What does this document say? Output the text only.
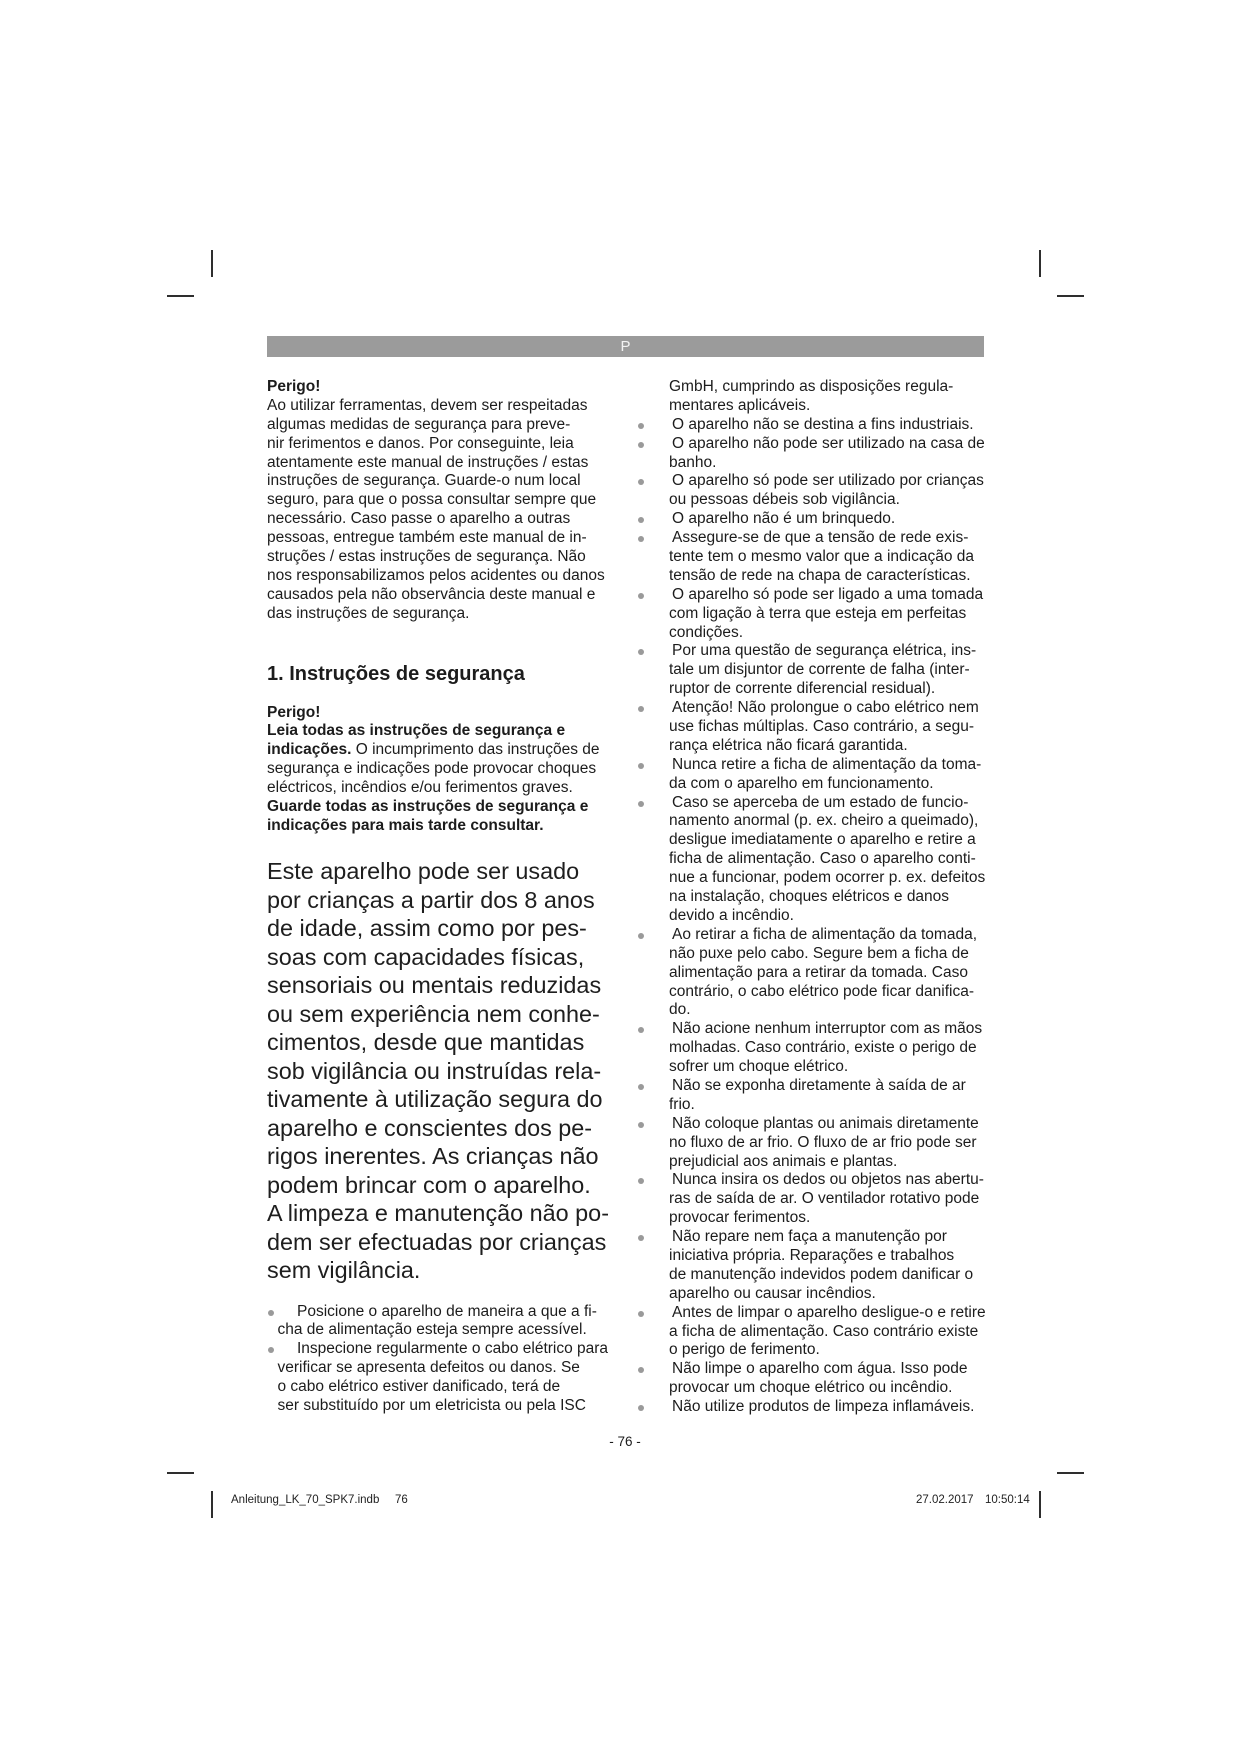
P
Perigo!
Ao utilizar ferramentas, devem ser respeitadas
algumas medidas de segurança para preve-
nir ferimentos e danos. Por conseguinte, leia
atentamente este manual de instruções / estas
instruções de segurança. Guarde-o num local
seguro, para que o possa consultar sempre que
necessário. Caso passe o aparelho a outras
pessoas, entregue também este manual de in-
struções / estas instruções de segurança. Não
nos responsabilizamos pelos acidentes ou danos
causados pela não observância deste manual e
das instruções de segurança.
1. Instruções de segurança
Perigo!
Leia todas as instruções de segurança e
indicações. O incumprimento das instruções de
segurança e indicações pode provocar choques
eléctricos, incêndios e/ou ferimentos graves.
Guarde todas as instruções de segurança e
indicações para mais tarde consultar.
Este aparelho pode ser usado
por crianças a partir dos 8 anos
de idade, assim como por pes-
soas com capacidades físicas,
sensoriais ou mentais reduzidas
ou sem experiência nem conhe-
cimentos, desde que mantidas
sob vigilância ou instruídas rela-
tivamente à utilização segura do
aparelho e conscientes dos pe-
rigos inerentes. As crianças não
podem brincar com o aparelho.
A limpeza e manutenção não po-
dem ser efectuadas por crianças
sem vigilância.
Posicione o aparelho de maneira a que a fi-
cha de alimentação esteja sempre acessível.
Inspecione regularmente o cabo elétrico para
verificar se apresenta defeitos ou danos. Se
o cabo elétrico estiver danificado, terá de
ser substituído por um eletricista ou pela ISC
GmbH, cumprindo as disposições regula-
mentares aplicáveis.
O aparelho não se destina a fins industriais.
O aparelho não pode ser utilizado na casa de
banho.
O aparelho só pode ser utilizado por crianças
ou pessoas débeis sob vigilância.
O aparelho não é um brinquedo.
Assegure-se de que a tensão de rede exis-
tente tem o mesmo valor que a indicação da
tensão de rede na chapa de características.
O aparelho só pode ser ligado a uma tomada
com ligação à terra que esteja em perfeitas
condições.
Por uma questão de segurança elétrica, ins-
tale um disjuntor de corrente de falha (inter-
ruptor de corrente diferencial residual).
Atenção! Não prolongue o cabo elétrico nem
use fichas múltiplas. Caso contrário, a segu-
rança elétrica não ficará garantida.
Nunca retire a ficha de alimentação da toma-
da com o aparelho em funcionamento.
Caso se aperceba de um estado de funcio-
namento anormal (p. ex. cheiro a queimado),
desligue imediatamente o aparelho e retire a
ficha de alimentação. Caso o aparelho conti-
nue a funcionar, podem ocorrer p. ex. defeitos
na instalação, choques elétricos e danos
devido a incêndio.
Ao retirar a ficha de alimentação da tomada,
não puxe pelo cabo. Segure bem a ficha de
alimentação para a retirar da tomada. Caso
contrário, o cabo elétrico pode ficar danifica-
do.
Não acione nenhum interruptor com as mãos
molhadas. Caso contrário, existe o perigo de
sofrer um choque elétrico.
Não se exponha diretamente à saída de ar
frio.
Não coloque plantas ou animais diretamente
no fluxo de ar frio. O fluxo de ar frio pode ser
prejudicial aos animais e plantas.
Nunca insira os dedos ou objetos nas abertu-
ras de saída de ar. O ventilador rotativo pode
provocar ferimentos.
Não repare nem faça a manutenção por
iniciativa própria. Reparações e trabalhos
de manutenção indevidos podem danificar o
aparelho ou causar incêndios.
Antes de limpar o aparelho desligue-o e retire
a ficha de alimentação. Caso contrário existe
o perigo de ferimento.
Não limpe o aparelho com água. Isso pode
provocar um choque elétrico ou incêndio.
Não utilize produtos de limpeza inflamáveis.
- 76 -
Anleitung_LK_70_SPK7.indb 76	27.02.2017 10:50:14
